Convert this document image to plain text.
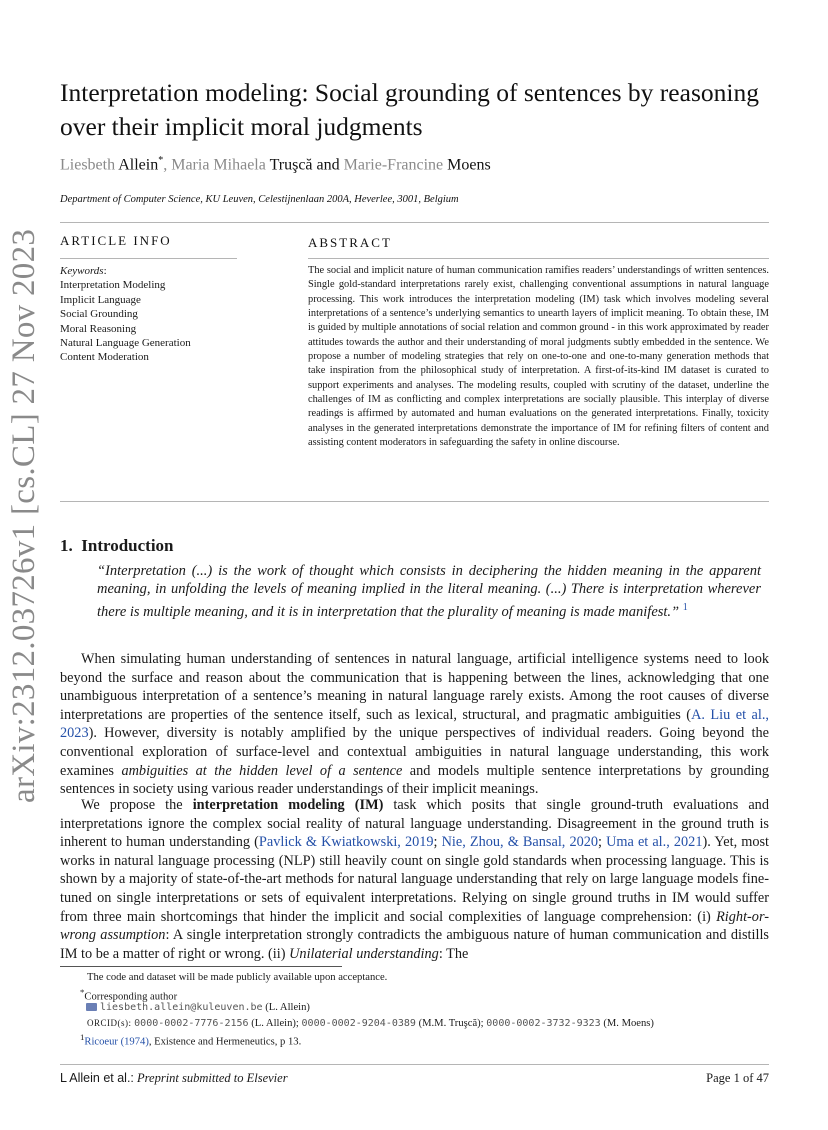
arXiv:2312.03726v1 [cs.CL] 27 Nov 2023
Interpretation modeling: Social grounding of sentences by reasoning over their implicit moral judgments
Liesbeth Allein*, Maria Mihaela Truşcă and Marie-Francine Moens
Department of Computer Science, KU Leuven, Celestijnenlaan 200A, Heverlee, 3001, Belgium
ARTICLE INFO	ABSTRACT
Keywords:
Interpretation Modeling
Implicit Language
Social Grounding
Moral Reasoning
Natural Language Generation
Content Moderation

The social and implicit nature of human communication ramifies readers’ understandings of written sentences. Single gold-standard interpretations rarely exist, challenging conventional assumptions in natural language processing. This work introduces the interpretation modeling (IM) task which involves modeling several interpretations of a sentence’s underlying semantics to unearth layers of implicit meaning. To obtain these, IM is guided by multiple annotations of social relation and common ground - in this work approximated by reader attitudes towards the author and their understanding of moral judgments subtly embedded in the sentence. We propose a number of modeling strategies that rely on one-to-one and one-to-many generation methods that take inspiration from the philosophical study of interpretation. A first-of-its-kind IM dataset is curated to support experiments and analyses. The modeling results, coupled with scrutiny of the dataset, underline the challenges of IM as conflicting and complex interpretations are socially plausible. This interplay of diverse readings is affirmed by automated and human evaluations on the generated interpretations. Finally, toxicity analyses in the generated interpretations demonstrate the importance of IM for refining filters of content and assisting content moderators in safeguarding the safety in online discourse.

1. Introduction

“Interpretation (...) is the work of thought which consists in deciphering the hidden meaning in the apparent meaning, in unfolding the levels of meaning implied in the literal meaning. (...) There is interpretation wherever there is multiple meaning, and it is in interpretation that the plurality of meaning is made manifest.” $^1$

When simulating human understanding of sentences in natural language, artificial intelligence systems need to look beyond the surface and reason about the communication that is happening between the lines, acknowledging that one unambiguous interpretation of a sentence’s meaning in natural language rarely exists. Among the root causes of diverse interpretations are properties of the sentence itself, such as lexical, structural, and pragmatic ambiguities (A. Liu et al., 2023). However, diversity is notably amplified by the unique perspectives of individual readers. Going beyond the conventional exploration of surface-level and contextual ambiguities in natural language understanding, this work examines ambiguities at the hidden level of a sentence and models multiple sentence interpretations by grounding sentences in society using various reader understandings of their implicit meanings.

We propose the interpretation modeling (IM) task which posits that single ground-truth evaluations and interpretations ignore the complex social reality of natural language understanding. Disagreement in the ground truth is inherent to human understanding (Pavlick & Kwiatkowski, 2019; Nie, Zhou, & Bansal, 2020; Uma et al., 2021). Yet, most works in natural language processing (NLP) still heavily count on single gold standards when processing language. This is shown by a majority of state-of-the-art methods for natural language understanding that rely on large language models fine-tuned on single interpretations or sets of equivalent interpretations. Relying on single ground truths in IM would suffer from three main shortcomings that hinder the implicit and social complexities of language comprehension: (i) Right-or-wrong assumption: A single interpretation strongly contradicts the ambiguous nature of human communication and distills IM to be a matter of right or wrong. (ii) Unilaterial understanding: The

The code and dataset will be made publicly available upon acceptance.
*Corresponding author
liesbeth.allein@kuleuven.be (L. Allein)
ORCID(s): 0000-0002-7776-2156 (L. Allein); 0000-0002-9204-0389 (M.M. Truşcă); 0000-0002-3732-9323 (M. Moens)
$^1$Ricoeur (1974), Existence and Hermeneutics, p 13.
L Allein et al.: Preprint submitted to Elsevier	Page 1 of 47
